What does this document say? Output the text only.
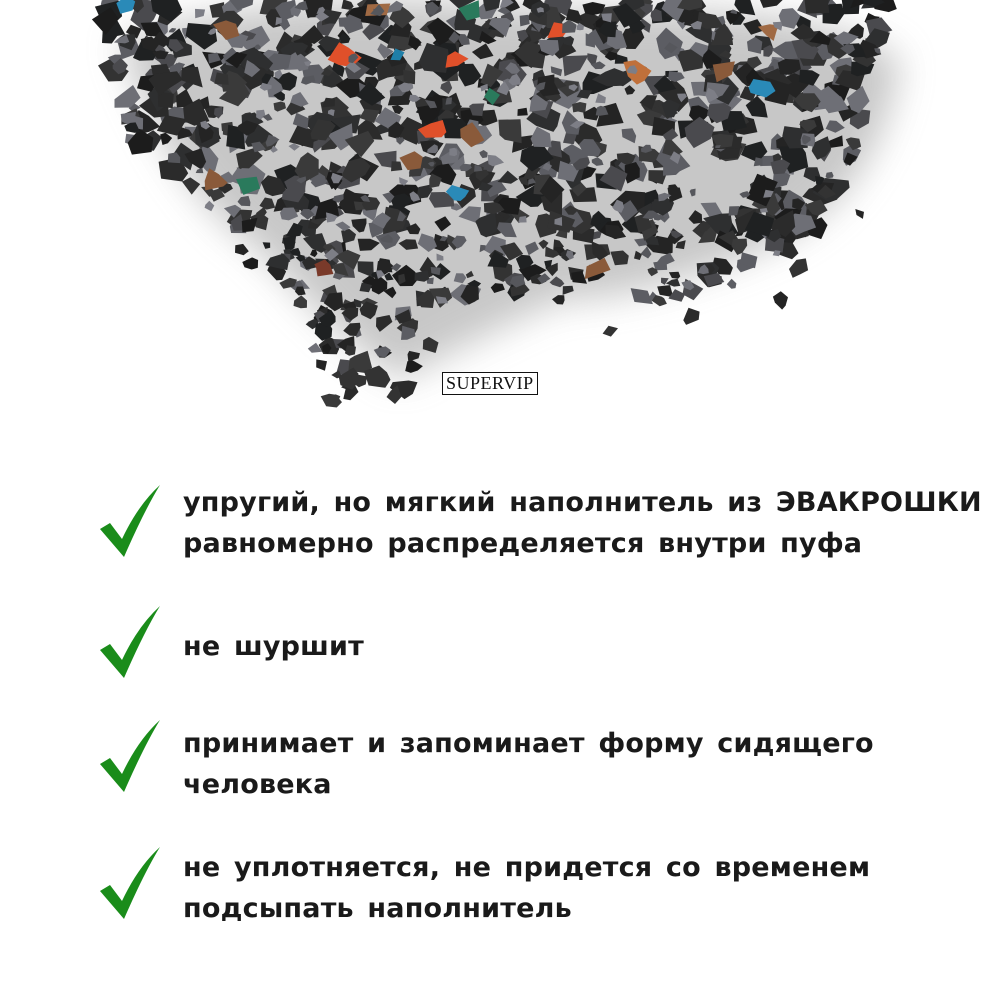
SUPERVIP
упругий, но мягкий наполнитель из ЭВАКРОШКИ
равномерно распределяется внутри пуфа
не шуршит
принимает и запоминает форму сидящего
человека
не уплотняется, не придется со временем
подсыпать наполнитель
